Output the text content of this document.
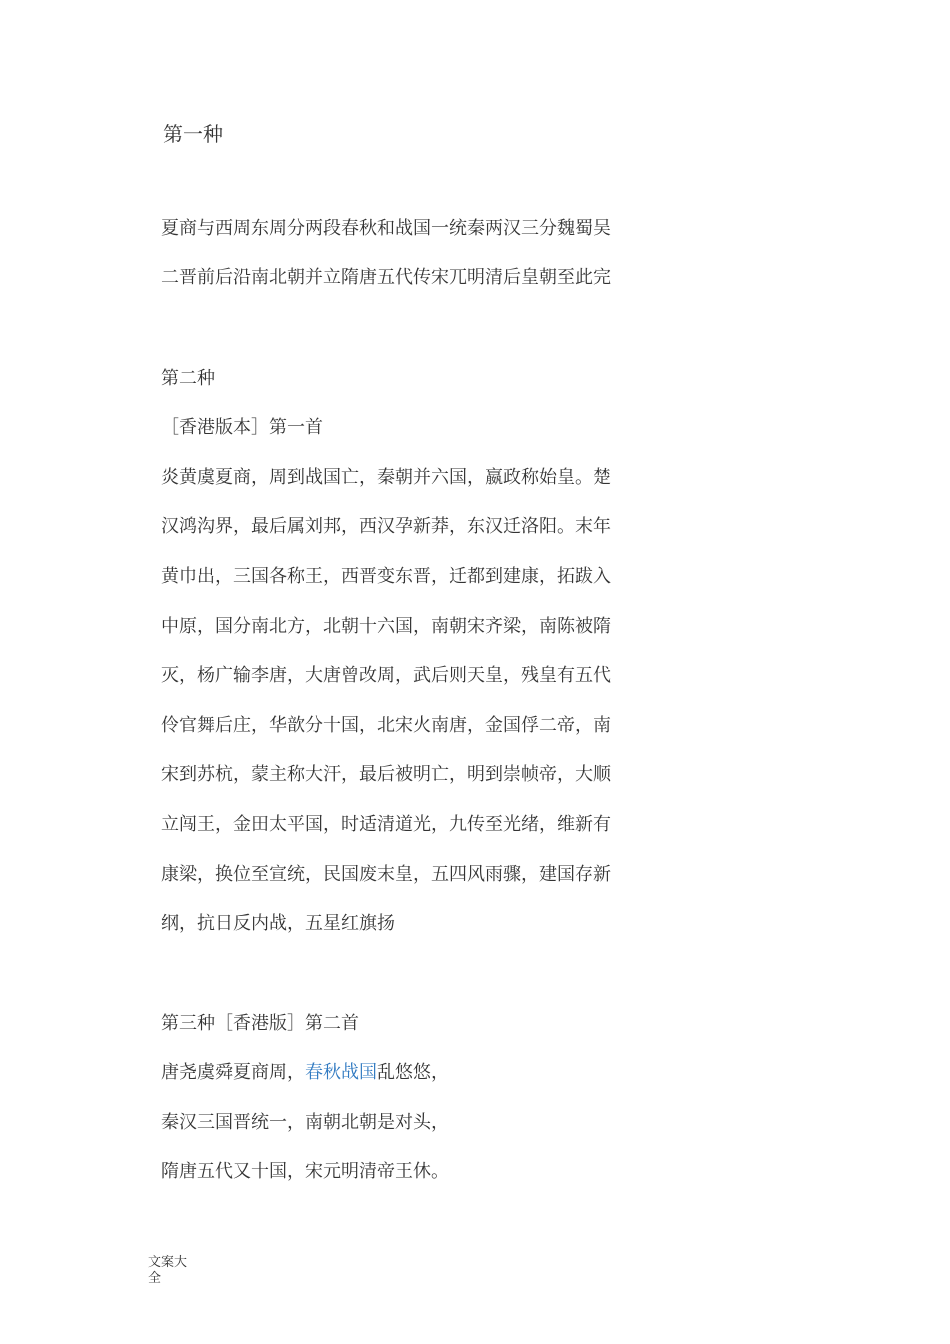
第一种

夏商与西周东周分两段春秋和战国一统秦两汉三分魏蜀吴

二晋前后沿南北朝并立隋唐五代传宋兀明清后皇朝至此完

第二种

［香港版本］第一首

炎黄虞夏商，周到战国亡，秦朝并六国，嬴政称始皇。楚

汉鸿沟界，最后属刘邦，西汉孕新莽，东汉迁洛阳。末年

黄巾出，三国各称王，西晋变东晋，迁都到建康，拓跋入

中原，国分南北方，北朝十六国，南朝宋齐梁，南陈被隋

灭，杨广输李唐，大唐曾改周，武后则天皇，残皇有五代

伶官舞后庄，华歆分十国，北宋火南唐，金国俘二帝，南

宋到苏杭，蒙主称大汗，最后被明亡，明到崇帧帝，大顺

立闯王，金田太平国，时适清道光，九传至光绪，维新有

康梁，换位至宣统，民国废末皇，五四风雨骤，建国存新

纲，抗日反内战，五星红旗扬

第三种［香港版］第二首

唐尧虞舜夏商周，春秋战国乱悠悠，

秦汉三国晋统一，南朝北朝是对头，

隋唐五代又十国，宋元明清帝王休。

文案大全
